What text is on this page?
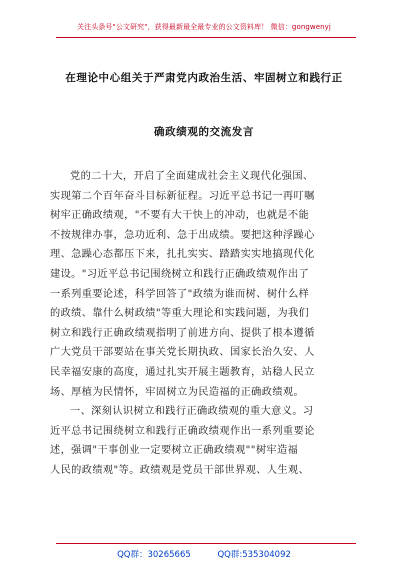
关注头条号"公文研究"，获得最新最全最专业的公文资料库！ 微信：gongwenyj
在理论中心组关于严肃党内政治生活、牢固树立和践行正
确政绩观的交流发言
党的二十大，开启了全面建成社会主义现代化强国、
实现第二个百年奋斗目标新征程。习近平总书记一再叮嘱
树牢正确政绩观，"不要有大干快上的冲动，也就是不能
不按规律办事，急功近利、急于出成绩。要把这种浮躁心
理、急躁心态都压下来，扎扎实实、踏踏实实地搞现代化
建设。"习近平总书记围绕树立和践行正确政绩观作出了
一系列重要论述，科学回答了"政绩为谁而树、树什么样
的政绩、靠什么树政绩"等重大理论和实践问题，为我们
树立和践行正确政绩观指明了前进方向、提供了根本遵循
广大党员干部要站在事关党长期执政、国家长治久安、人
民幸福安康的高度，通过扎实开展主题教育，站稳人民立
场、厚植为民情怀，牢固树立为民造福的正确政绩观。
一、深刻认识树立和践行正确政绩观的重大意义。习
近平总书记围绕树立和践行正确政绩观作出一系列重要论
述，强调"干事创业一定要树立正确政绩观""树牢造福
人民的政绩观"等。政绩观是党员干部世界观、人生观、
QQ群：30265665	QQ群:535304092
